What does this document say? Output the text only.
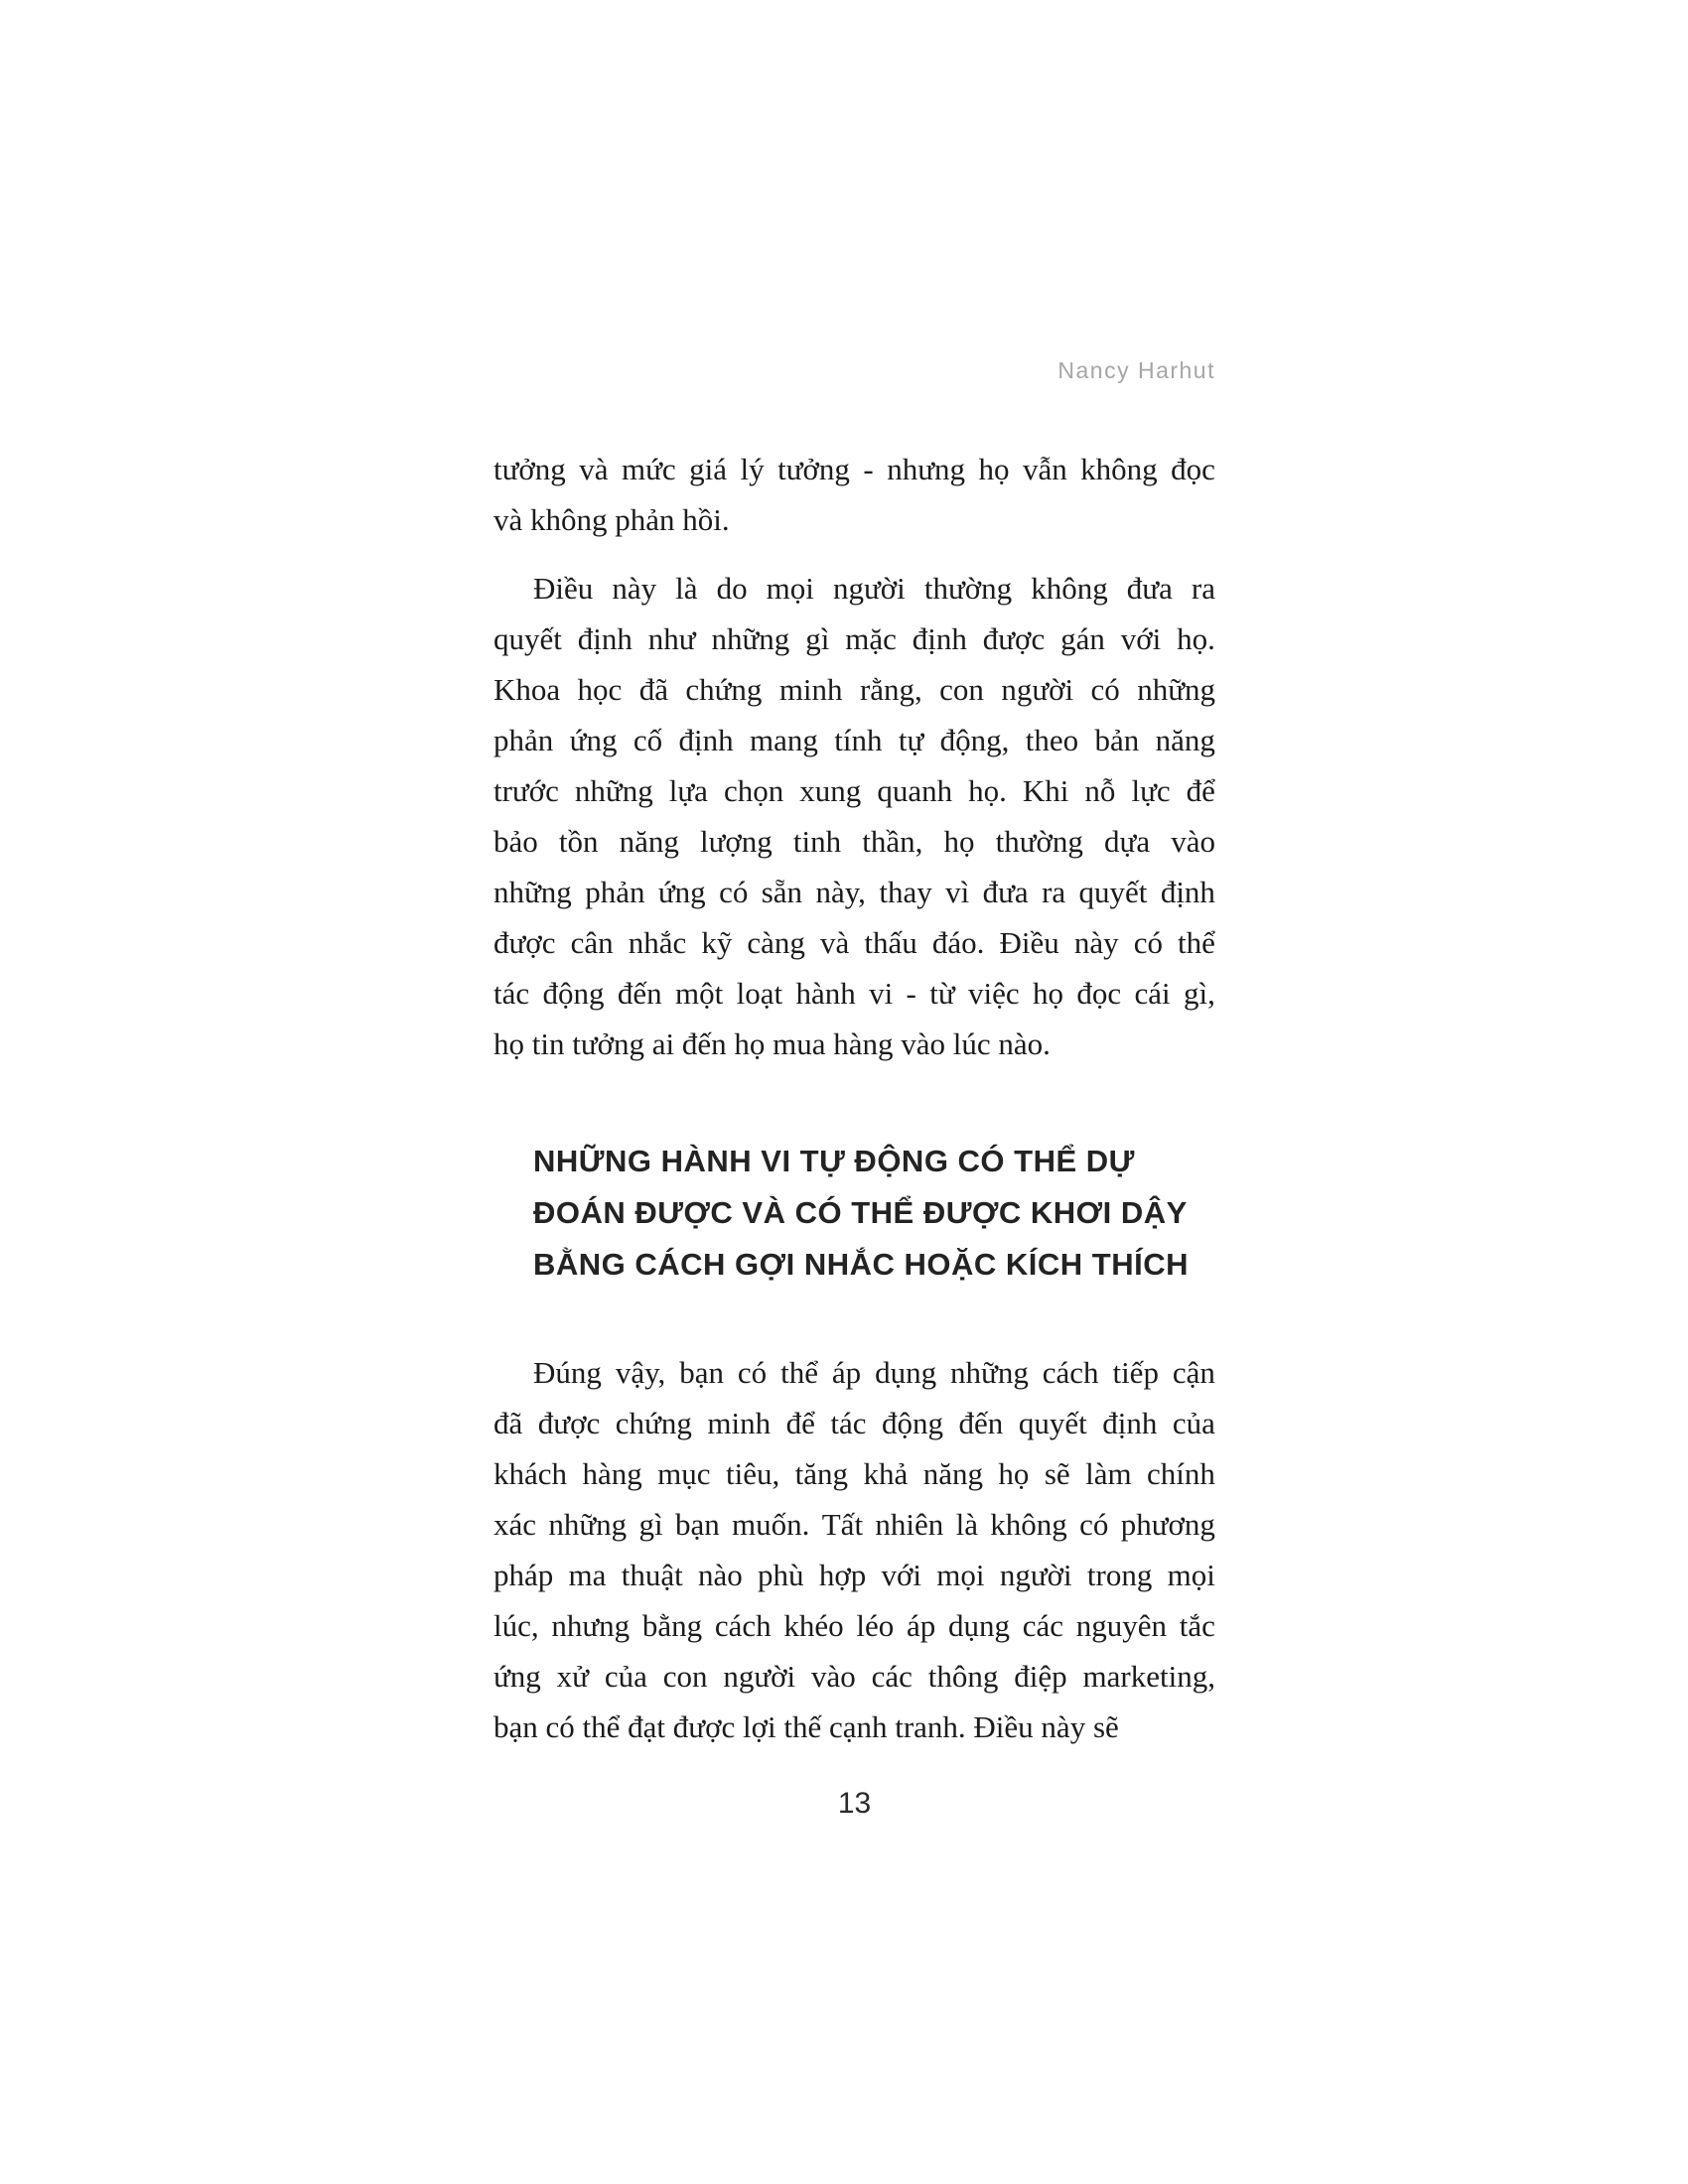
Nancy Harhut
tưởng và mức giá lý tưởng - nhưng họ vẫn không đọc
và không phản hồi.
Điều này là do mọi người thường không đưa ra
quyết định như những gì mặc định được gán với họ.
Khoa học đã chứng minh rằng, con người có những
phản ứng cố định mang tính tự động, theo bản năng
trước những lựa chọn xung quanh họ. Khi nỗ lực để
bảo tồn năng lượng tinh thần, họ thường dựa vào
những phản ứng có sẵn này, thay vì đưa ra quyết định
được cân nhắc kỹ càng và thấu đáo. Điều này có thể
tác động đến một loạt hành vi - từ việc họ đọc cái gì,
họ tin tưởng ai đến họ mua hàng vào lúc nào.
NHỮNG HÀNH VI TỰ ĐỘNG CÓ THỂ DỰ
ĐOÁN ĐƯỢC VÀ CÓ THỂ ĐƯỢC KHƠI DẬY
BẰNG CÁCH GỢI NHẮC HOẶC KÍCH THÍCH
Đúng vậy, bạn có thể áp dụng những cách tiếp cận
đã được chứng minh để tác động đến quyết định của
khách hàng mục tiêu, tăng khả năng họ sẽ làm chính
xác những gì bạn muốn. Tất nhiên là không có phương
pháp ma thuật nào phù hợp với mọi người trong mọi
lúc, nhưng bằng cách khéo léo áp dụng các nguyên tắc
ứng xử của con người vào các thông điệp marketing,
bạn có thể đạt được lợi thế cạnh tranh. Điều này sẽ
13
